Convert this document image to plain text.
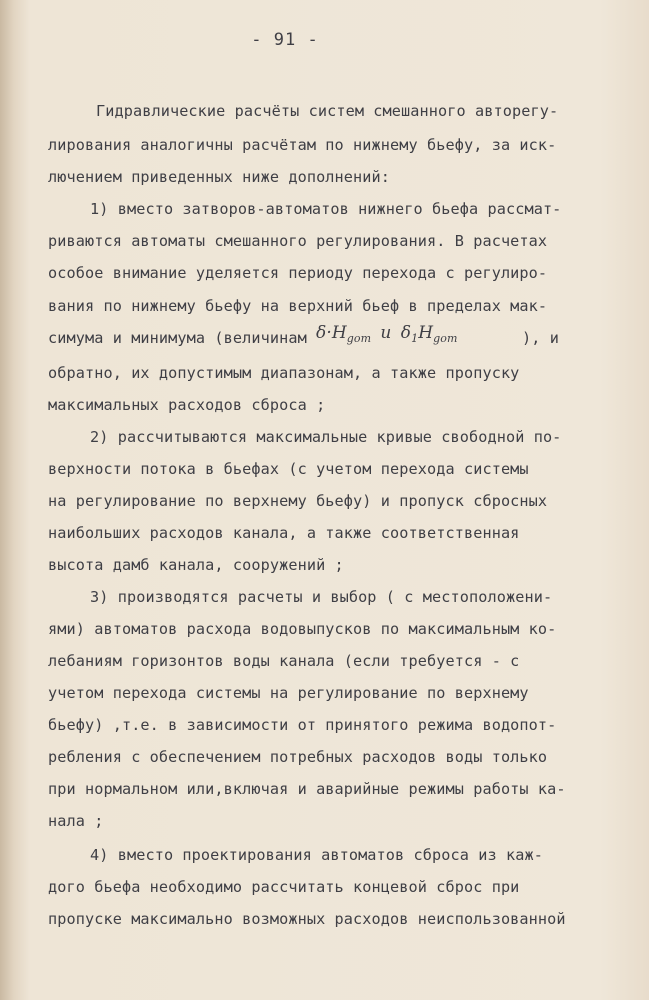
- 91 -
Гидравлические расчёты систем смешанного авторегу-
лирования аналогичны расчётам по нижнему бьефу, за иск-
лючением приведенных ниже дополнений:
1) вместо затворов-автоматов нижнего бьефа рассмат-
риваются автоматы смешанного регулирования. В расчетах
особое внимание уделяется периоду перехода с регулиро-
вания по нижнему бьефу на верхний бьеф в пределах мак-
симума и минимума (величинам $\delta\cdot H_{gom}$ и $\delta_1H_{gom}$	), и
обратно, их допустимым диапазонам, а также пропуску
максимальных расходов сброса ;
2) рассчитываются максимальные кривые свободной по-
верхности потока в бьефах (с учетом перехода системы
на регулирование по верхнему бьефу) и пропуск сбросных
наибольших расходов канала, а также соответственная
высота дамб канала, сооружений ;
3) производятся расчеты и выбор ( с местоположени-
ями) автоматов расхода водовыпусков по максимальным ко-
лебаниям горизонтов воды канала (если требуется - с
учетом перехода системы на регулирование по верхнему
бьефу) ,т.е. в зависимости от принятого режима водопот-
ребления с обеспечением потребных расходов воды только
при нормальном или,включая и аварийные режимы работы ка-
нала ;
4) вместо проектирования автоматов сброса из каж-
дого бьефа необходимо рассчитать концевой сброс при
пропуске максимально возможных расходов неиспользованной
